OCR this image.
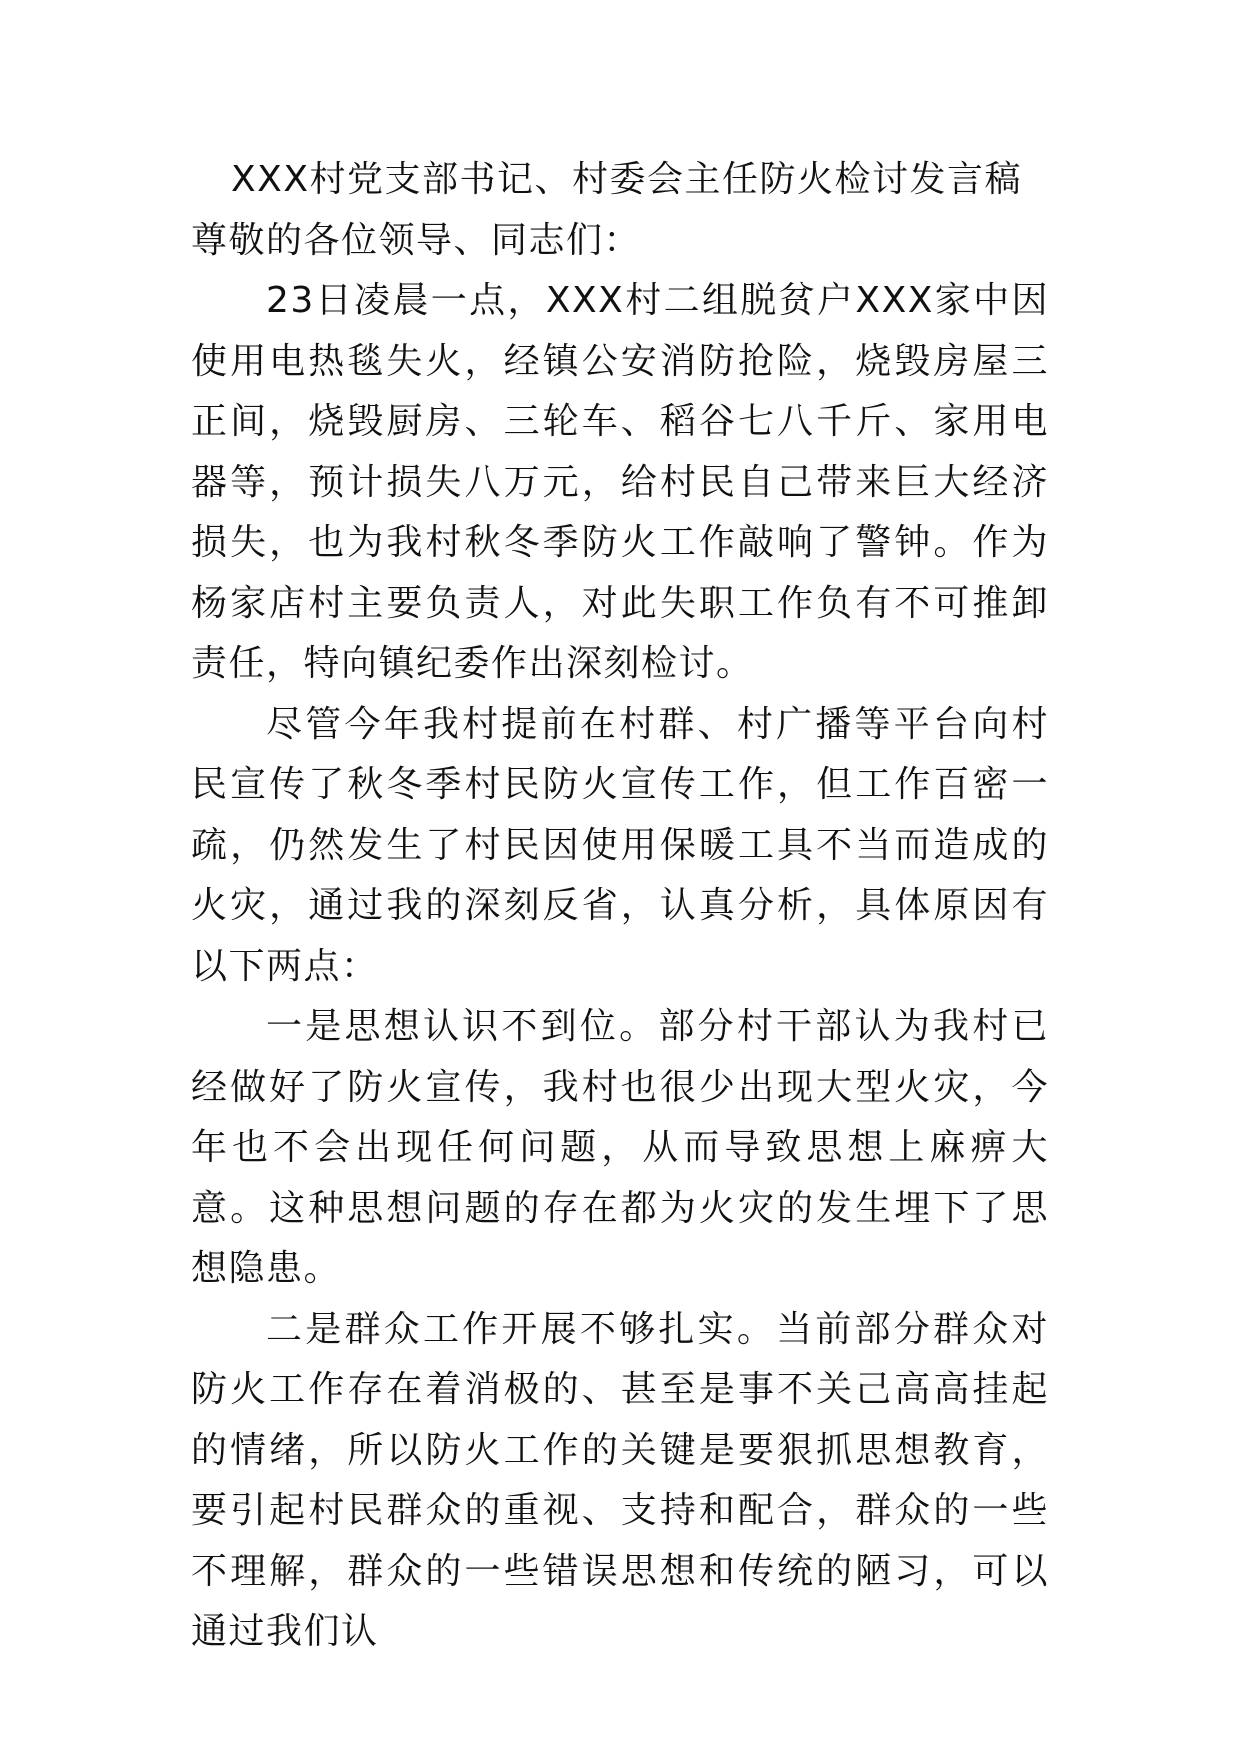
XXX村党支部书记、村委会主任防火检讨发言稿

尊敬的各位领导、同志们：

23日凌晨一点，XXX村二组脱贫户XXX家中因使用电热毯失火，经镇公安消防抢险，烧毁房屋三正间，烧毁厨房、三轮车、稻谷七八千斤、家用电器等，预计损失八万元，给村民自己带来巨大经济损失，也为我村秋冬季防火工作敲响了警钟。作为杨家店村主要负责人，对此失职工作负有不可推卸责任，特向镇纪委作出深刻检讨。

尽管今年我村提前在村群、村广播等平台向村民宣传了秋冬季村民防火宣传工作，但工作百密一疏，仍然发生了村民因使用保暖工具不当而造成的火灾，通过我的深刻反省，认真分析，具体原因有以下两点：

一是思想认识不到位。部分村干部认为我村已经做好了防火宣传，我村也很少出现大型火灾，今年也不会出现任何问题，从而导致思想上麻痹大意。这种思想问题的存在都为火灾的发生埋下了思想隐患。

二是群众工作开展不够扎实。当前部分群众对防火工作存在着消极的、甚至是事不关己高高挂起的情绪，所以防火工作的关键是要狠抓思想教育，要引起村民群众的重视、支持和配合，群众的一些不理解，群众的一些错误思想和传统的陋习，可以通过我们认
